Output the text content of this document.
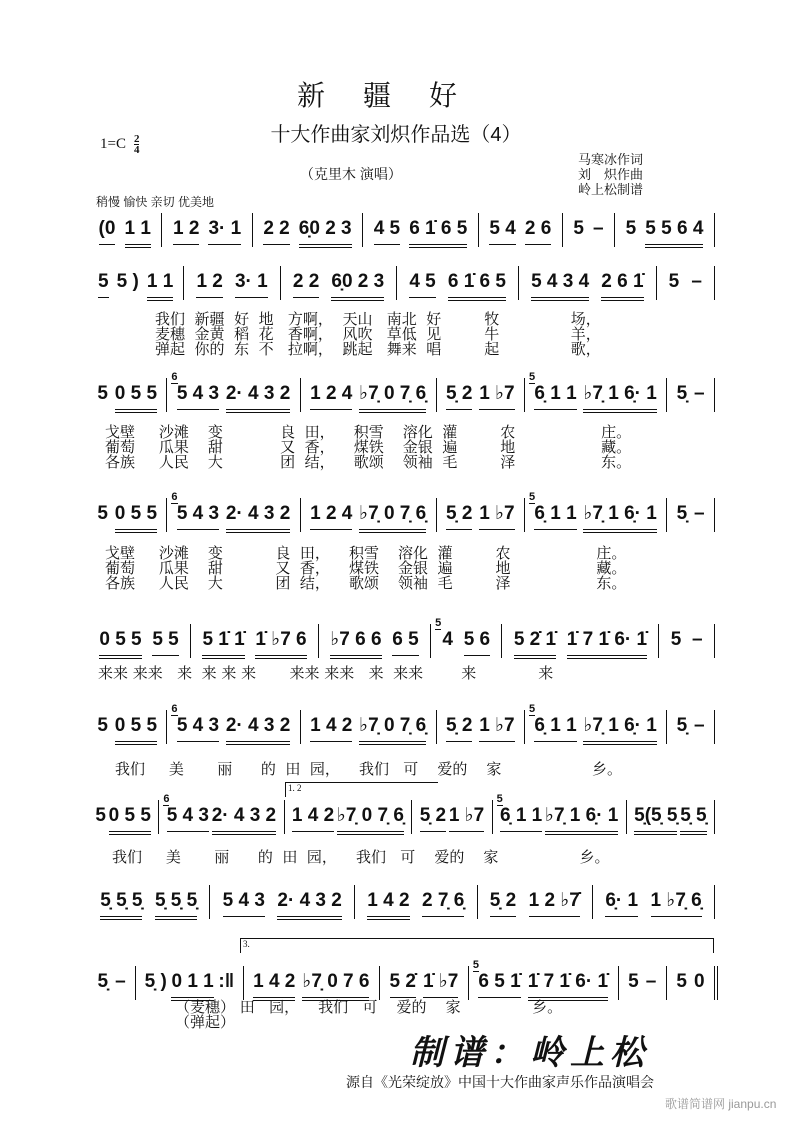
新疆好
十大作曲家刘炽作品选（4）
$1=C \frac{2}{4}$
（克里木 演唱）
马寒冰作词
刘　炽作曲
岭上松制谱
稍慢 愉快 亲切 优美地
(0 1 1 1 2 3· 1 2 2 6̣0 2 3 4 5 6 1̇ 6 5 5 4 2 6 5 – 5 5 5 6 4
5 5 ) 1 1 1 2 3· 1 2 2 6̣0 2 3 4 5 6 1̇ 6 5 5 4 3 4 2 6 1̇ 5 –
5 0 5 5
6
5 4 3 2· 4 3 2 1 2 4 ♭7̣ 0 7̣ 6̣ 5̣ 2 1 ♭7
5
6̣ 1 1 ♭7̣ 1 6̣· 1 5̣ –
5 0 5 5
6
5 4 3 2· 4 3 2 1 2 4 ♭7̣ 0 7̣ 6̣ 5̣ 2 1 ♭7
5
6̣ 1 1 ♭7̣ 1 6̣· 1 5̣ –
0 5 5 5 5 5 1̇ 1̇ 1̇ ♭7 6 ♭7 6 6 6 5
5
4 5 6 5 2̇ 1̇ 1̇ 7 1̇ 6· 1̇ 5 –
5 0 5 5
6
5 4 3 2· 4 3 2 1 4 2 ♭7̣ 0 7̣ 6̣ 5̣ 2 1 ♭7
5
6̣ 1 1 ♭7̣ 1 6̣· 1 5̣ –
5 0 5 5
6
5 4 3 2· 4 3 2 1 4 2 ♭7̣ 0 7̣ 6̣ 5̣ 2 1 ♭7
5
6̣ 1 1 ♭7̣ 1 6̣· 1 5̣(5̣ 5̣ 5̣ 5̣
5̣ 5̣ 5̣ 5̣ 5̣ 5̣ 5 4 3 2· 4 3 2 1 4 2 2 7̣ 6̣ 5̣ 2 1 2 ♭7̇ 6̣· 1 1 ♭7̣ 6̣
5̣ – 5̣ ) 0 1 1 :‖ 1 4 2 ♭7̣ 0 7 6 5 2̇ 1̇ ♭7
5
6 5 1̇ 1̇ 7 1̇ 6· 1̇ 5 – 5 0
我们  新疆  好  地   方啊，  天山   南北  好         牧               场，
麦穗  金黄  稻  花   香啊，  风吹   草低  见         牛               羊，
弹起  你的  东  不   拉啊，  跳起   舞来  唱         起               歌，
戈壁     沙滩    变            良  田，    积雪    溶化  灌         农                  庄。
葡萄     瓜果    甜            又  香，    煤铁    金银  遍         地                  藏。
各族     人民    大            团  结，    歌颂    领袖  毛         泽                  东。
戈壁     沙滩    变           良  田，    积雪    溶化  灌         农                  庄。
葡萄     瓜果    甜           又  香，    煤铁    金银  遍         地                  藏。
各族     人民    大           团  结，    歌颂    领袖  毛         泽                  东。
来来 来来   来  来 来 来       来来 来来   来  来来        来             来
我们     美       丽      的  田  园，    我们   可    爱的    家                   乡。
我们     美       丽      的  田  园，    我们   可    爱的    家                 乡。
（麦穗） 田   园，    我们   可    爱的    家               乡。
（弹起）
1. 2
3.
制谱：岭上松
源自《光荣绽放》中国十大作曲家声乐作品演唱会
歌谱简谱网 jianpu.cn
